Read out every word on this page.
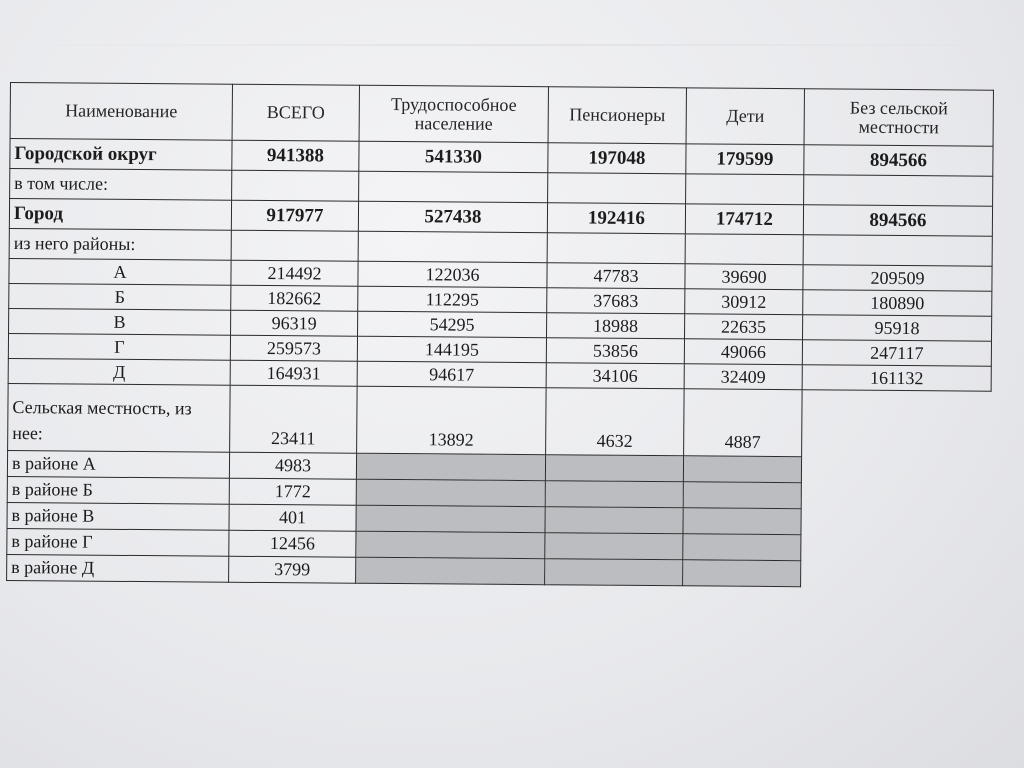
Наименование	ВСЕГО	Трудоспособное население	Пенсионеры	Дети	Без сельской местности
Городской округ	941388	541330	197048	179599	894566
в том числе:					
Город	917977	527438	192416	174712	894566
из него районы:					
А	214492	122036	47783	39690	209509
Б	182662	112295	37683	30912	180890
В	96319	54295	18988	22635	95918
Г	259573	144195	53856	49066	247117
Д	164931	94617	34106	32409	161132
Сельская местность, из нее:	23411	13892	4632	4887	
в районе А	4983				
в районе Б	1772				
в районе В	401				
в районе Г	12456				
в районе Д	3799				
